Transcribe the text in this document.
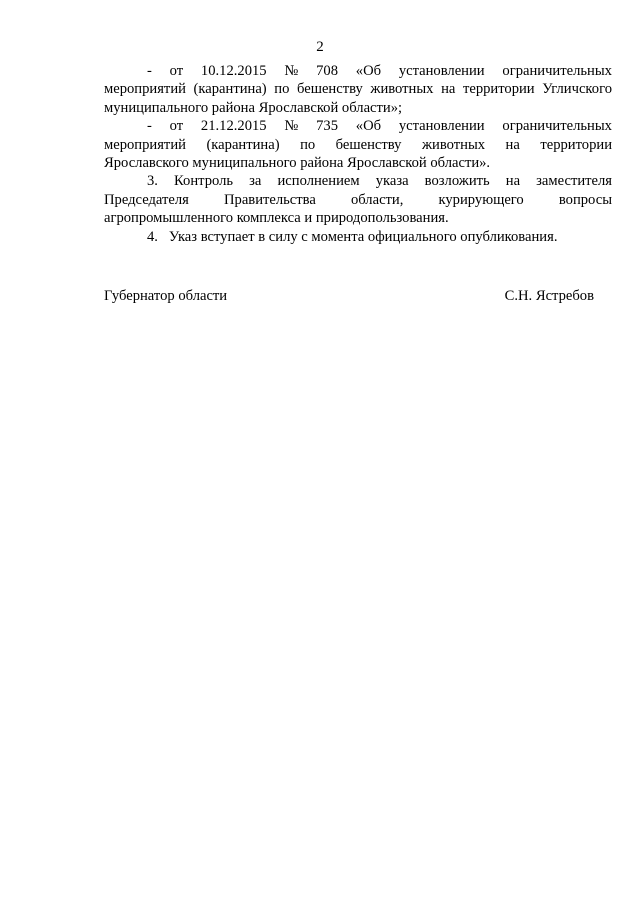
2
- от 10.12.2015 № 708 «Об установлении ограничительных

мероприятий (карантина) по бешенству животных на территории Угличского

муниципального района Ярославской области»;

- от 21.12.2015 № 735 «Об установлении ограничительных

мероприятий (карантина) по бешенству животных на территории

Ярославского муниципального района Ярославской области».

3. Контроль за исполнением указа возложить на заместителя

Председателя Правительства области, курирующего вопросы

агропромышленного комплекса и природопользования.

4.   Указ вступает в силу с момента официального опубликования.

Губернатор области	С.Н. Ястребов
